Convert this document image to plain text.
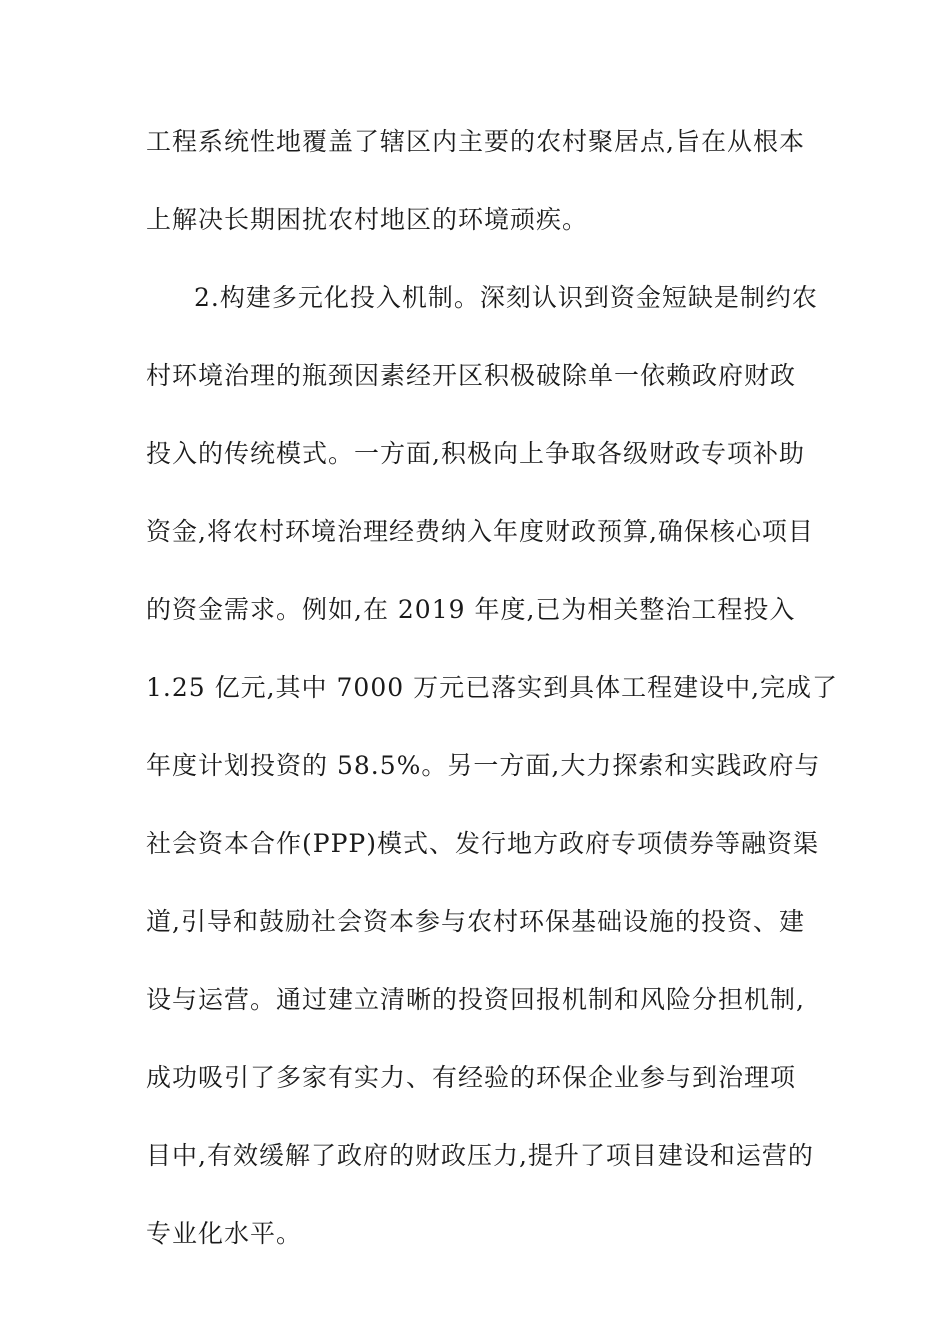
工程系统性地覆盖了辖区内主要的农村聚居点,旨在从根本
上解决长期困扰农村地区的环境顽疾。
2.构建多元化投入机制。深刻认识到资金短缺是制约农
村环境治理的瓶颈因素经开区积极破除单一依赖政府财政
投入的传统模式。一方面,积极向上争取各级财政专项补助
资金,将农村环境治理经费纳入年度财政预算,确保核心项目
的资金需求。例如,在 2019 年度,已为相关整治工程投入
1.25 亿元,其中 7000 万元已落实到具体工程建设中,完成了
年度计划投资的 58.5%。另一方面,大力探索和实践政府与
社会资本合作(PPP)模式、发行地方政府专项债券等融资渠
道,引导和鼓励社会资本参与农村环保基础设施的投资、建
设与运营。通过建立清晰的投资回报机制和风险分担机制,
成功吸引了多家有实力、有经验的环保企业参与到治理项
目中,有效缓解了政府的财政压力,提升了项目建设和运营的
专业化水平。
